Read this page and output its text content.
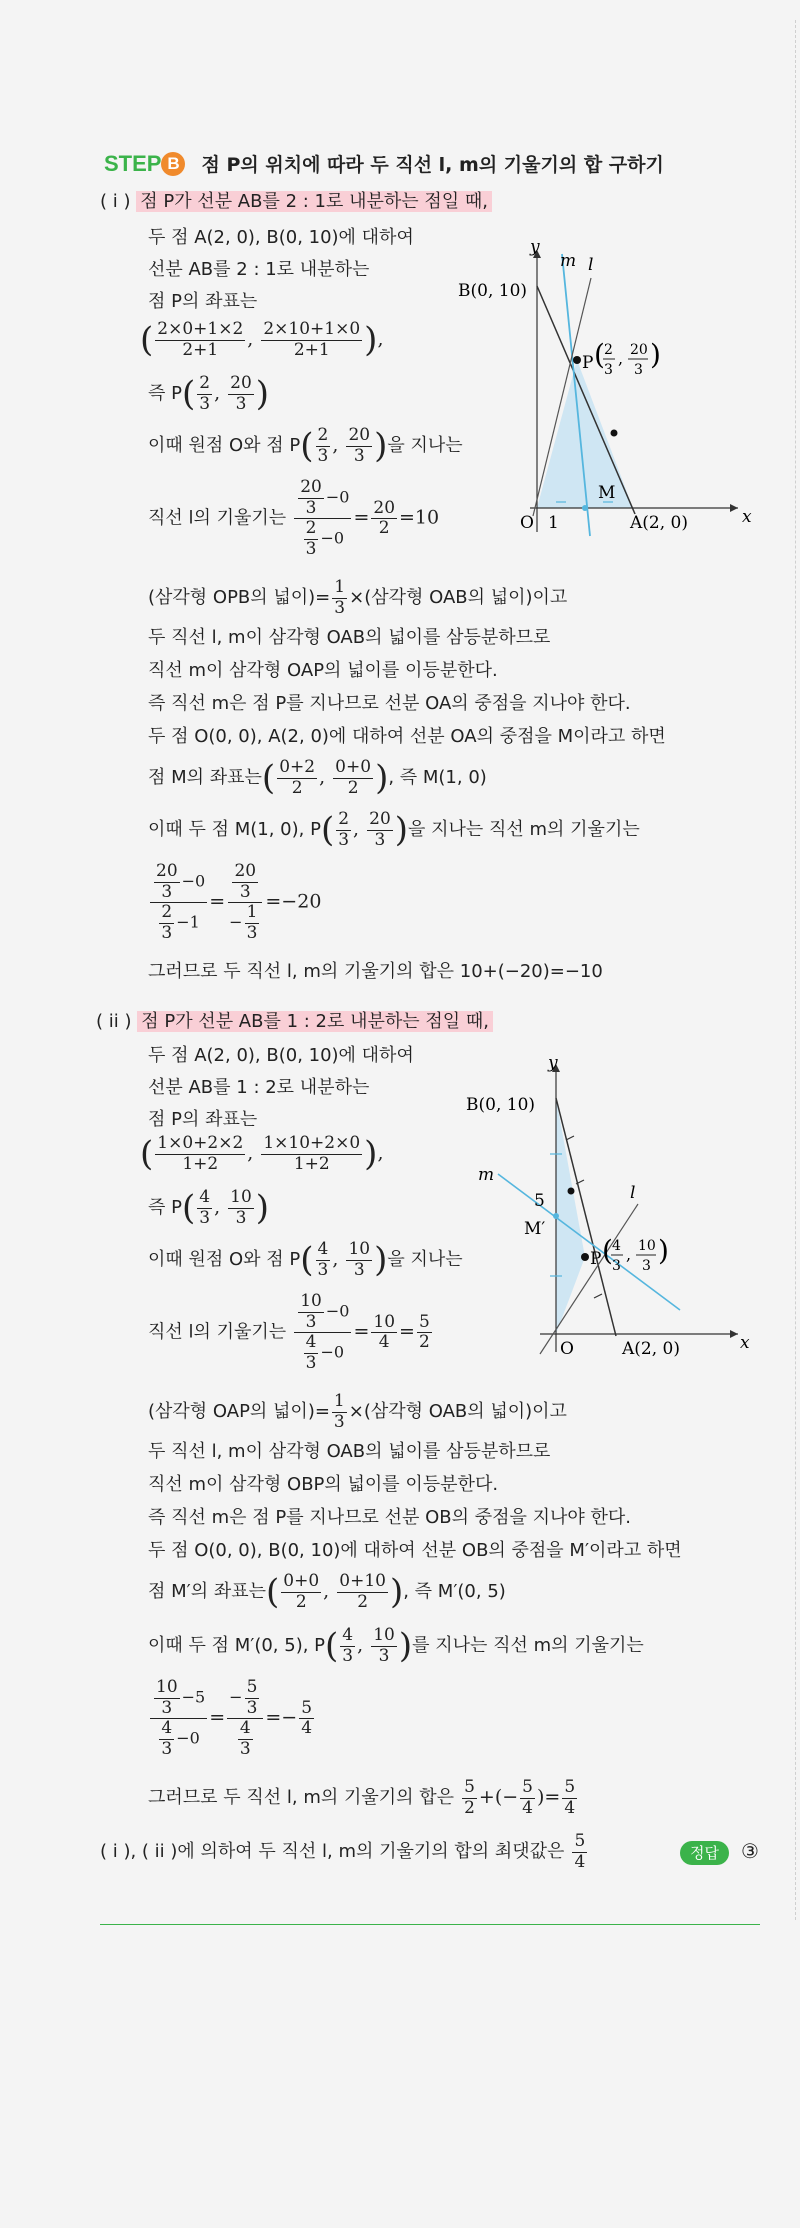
STEP B 점 P의 위치에 따라 두 직선 l, m의 기울기의 합 구하기
( i ) 점 P가 선분 AB를 2 : 1로 내분하는 점일 때,
두 점 A(2, 0), B(0, 10)에 대하여
선분 AB를 2 : 1로 내분하는
점 P의 좌표는
( $\frac{2\times 0+1\times 2}{2+1}$ , $\frac{2\times 10+1\times 0}{2+1}$ ),
즉 $P( \frac{2}{3}$ , $\frac{20}{3}$ )
이때 원점 O와 점 $P( \frac{2}{3}$ , $\frac{20}{3}$ )을 지나는
직선 l의 기울기는 $\frac{\frac{20}{3} -0}{\frac{2}{3} -0} = \frac{20}{2} =10$
(삼각형 OPB의 넓이)= $\frac{1}{3}$ ×(삼각형 OAB의 넓이)이고
두 직선 l, m이 삼각형 OAB의 넓이를 삼등분하므로
직선 m이 삼각형 OAP의 넓이를 이등분한다.
즉 직선 m은 점 P를 지나므로 선분 OA의 중점을 지나야 한다.
두 점 O(0, 0), A(2, 0)에 대하여 선분 OA의 중점을 M이라고 하면
점 M의 좌표는( $\frac{0+2}{2}$ , $\frac{0+0}{2}$ ), 즉 M(1, 0)
이때 두 점 M(1, 0), $P( \frac{2}{3}$ , $\frac{20}{3}$ )을 지나는 직선 m의 기울기는
$\frac{\frac{20}{3} -0}{\frac{2}{3} -1} = \frac{\frac{20}{3}}{- \frac{1}{3}} =-20$
그러므로 두 직선 l, m의 기울기의 합은 10+(−20)=−10
y
x
B(0, 10)
m l
P ( 2
3
, 20
3 )
M
O 1	A(2, 0)
( ii ) 점 P가 선분 AB를 1 : 2로 내분하는 점일 때,
두 점 A(2, 0), B(0, 10)에 대하여
선분 AB를 1 : 2로 내분하는
점 P의 좌표는
( $\frac{1\times 0+2\times 2}{1+2}$ , $\frac{1\times 10+2\times 0}{1+2}$ ),
즉 $P( \frac{4}{3}$ , $\frac{10}{3}$ )
이때 원점 O와 점 $P( \frac{4}{3}$ , $\frac{10}{3}$ )을 지나는
직선 l의 기울기는 $\frac{\frac{10}{3} -0}{\frac{4}{3} -0} = \frac{10}{4} = \frac{5}{2}$
(삼각형 OAP의 넓이)= $\frac{1}{3}$ ×(삼각형 OAB의 넓이)이고
두 직선 l, m이 삼각형 OAB의 넓이를 삼등분하므로
직선 m이 삼각형 OBP의 넓이를 이등분한다.
즉 직선 m은 점 P를 지나므로 선분 OB의 중점을 지나야 한다.
두 점 O(0, 0), B(0, 10)에 대하여 선분 OB의 중점을 M′이라고 하면
점 M′의 좌표는( $\frac{0+0}{2}$ , $\frac{0+10}{2}$ ), 즉 M′(0, 5)
이때 두 점 M′(0, 5), $P( \frac{4}{3}$ , $\frac{10}{3}$ )를 지나는 직선 m의 기울기는
$\frac{\frac{10}{3} -5}{\frac{4}{3} -0} = \frac{- \frac{5}{3}}{\frac{4}{3}} =- \frac{5}{4}$
그러므로 두 직선 l, m의 기울기의 합은 $\frac{5}{2}$ +(− $\frac{5}{4}$ )= $\frac{5}{4}$
y
x
B(0, 10)
m
l
5
M′
P ( 4
3
, 10
3 )
O	A(2, 0)
( i ), ( ii )에 의하여 두 직선 l, m의 기울기의 합의 최댓값은 $\frac{5}{4}$	정답 ③
